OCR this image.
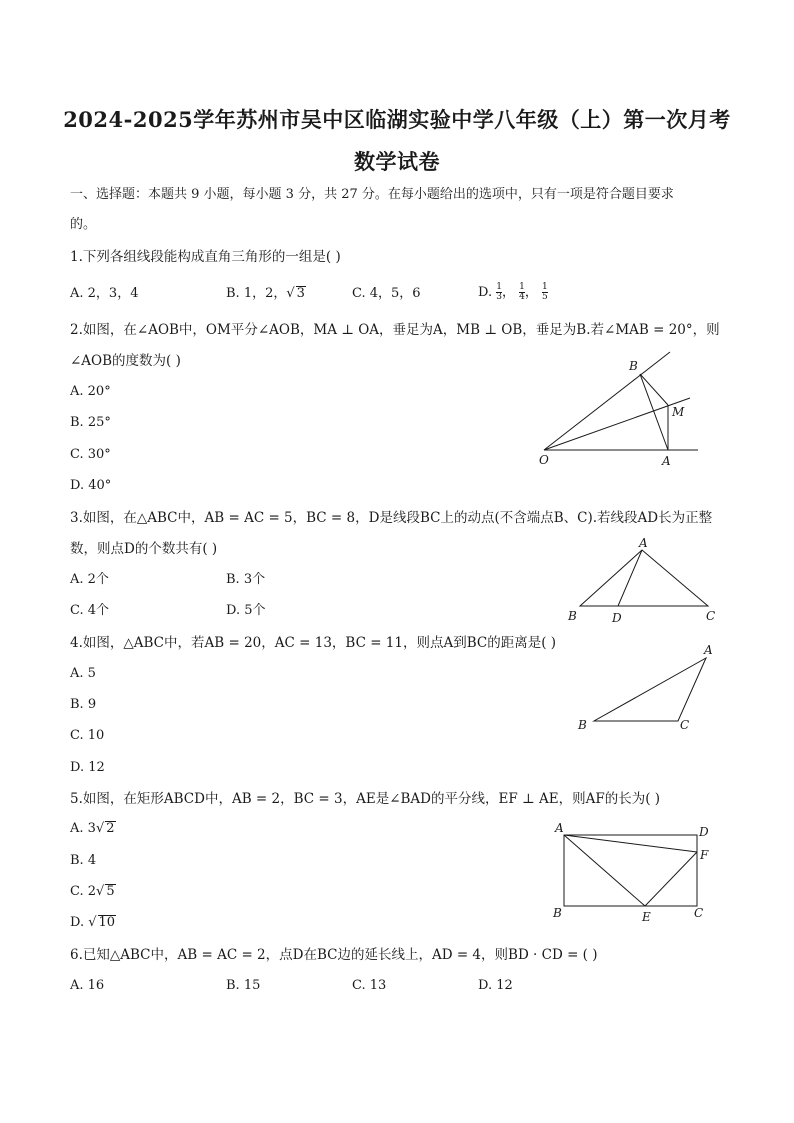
2024-2025学年苏州市吴中区临湖实验中学八年级（上）第一次月考
数学试卷
一、选择题：本题共 9 小题，每小题 3 分，共 27 分。在每小题给出的选项中，只有一项是符合题目要求
的。
1.下列各组线段能构成直角三角形的一组是( )
A. 2，3，4	B. 1，2，√ 3	C. 4，5，6	D. $\frac{1}{3}$ ， $\frac{1}{4}$ ， $\frac{1}{5}$
2.如图，在∠AOB中，OM平分∠AOB，MA ⊥ OA，垂足为A，MB ⊥ OB，垂足为B.若∠MAB = 20°，则
∠AOB的度数为( )
A. 20°
B. 25°
C. 30°
D. 40°
B
M
O	A
3.如图，在△ABC中，AB = AC = 5，BC = 8，D是线段BC上的动点(不含端点B、C).若线段AD长为正整
数，则点D的个数共有( )
A. 2个	B. 3个
C. 4个	D. 5个
A
B	D	C
4.如图，△ABC中，若AB = 20，AC = 13，BC = 11，则点A到BC的距离是( )
A. 5
B. 9
C. 10
D. 12
A
B	C
5.如图，在矩形ABCD中，AB = 2，BC = 3，AE是∠BAD的平分线，EF ⊥ AE，则AF的长为( )
A. 3√ 2
B. 4
C. 2√ 5
D. √ 10
A	D
F
B	E	C
6.已知△ABC中，AB = AC = 2，点D在BC边的延长线上，AD = 4，则BD · CD = ( )
A. 16	B. 15	C. 13	D. 12
